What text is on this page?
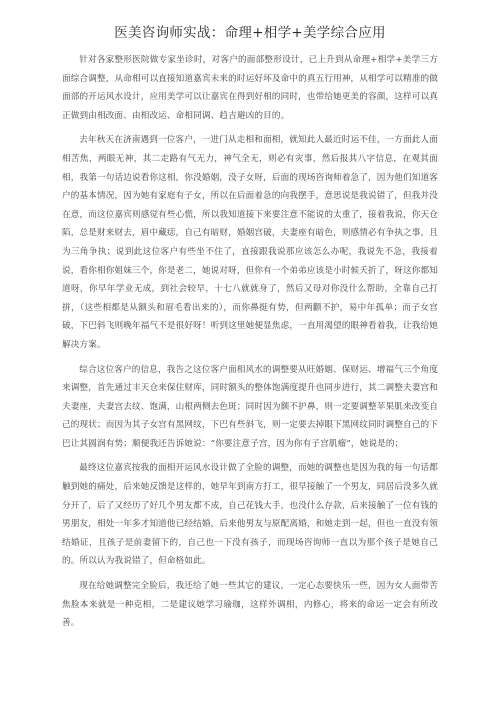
医美咨询师实战：命理+相学+美学综合应用

针对各家整形医院做专家坐诊时，对客户的面部整形设计，已上升到从命理+相学+美学三方面综合调整，从命相可以直接知道嘉宾未来的时运好坏及命中的真五行用神，从相学可以精准的做面部的开运风水设计，应用美学可以让嘉宾在得到好相的同时，也带给她更美的容颜，这样可以真正做到由相改面、由相改运、命相同调、趋吉避凶的目的。

去年秋天在济南遇到一位客户，一进门从走相和面相，就知此人最近时运不佳，一方面此人面相苦焦，两眼无神，其二走路有气无力，神气全无，则必有灾事，然后报其八字信息，在观其面相，我第一句话边说看你这相，你没婚姻，没子女呀，后面的现场咨询师着急了，因为他们知道客户的基本情况，因为她有家庭有子女，所以在后面着急的向我摆手，意思说是我说错了，但我并没在意，而这位嘉宾则感觉有些心慌，所以我知道接下来要注意不能说的太重了，接着我说，你天仓陷，总是财来财去，眉中藏痣，自己有暗财，婚姻宫破，夫妻座有暗色，则感情必有争执之事，且为三角争执；说到此这位客户有些坐不住了，直接跟我说那应该怎么办呢，我说先不急，我接着说，看你相你姐妹三个，你是老二，她说对呀，但你有一个弟弟应该是小时候夭折了，呀这你都知道呀，你早年学业无成，到社会较早，十七八就就身了，然后又母对你没什么帮助，全靠自己打拼，（这些相都是从额头和眉毛看出来的），而你鼻挺有势，但两颧不护，易中年孤单；而子女宫破，下巴斜飞则晚年福气不是很好呀！听到这里她便显焦虑，一直用渴望的眼神看着我，让我给她解决方案。

综合这位客户的信息，我告之这位客户面相风水的调整要从旺婚姻、保财运、增福气三个角度来调整，首先通过丰天仓来保住财库，同时额头的整体饱满度提升也同步进行，其二调整夫妻宫和夫妻座，夫妻宫去纹、饱满，山根两侧去色斑；同时因为额不护鼻，则一定要调整苹果肌来改变自己的现状；而因为其子女宫有黑网纹，下巴有些斜飞，则一定要去掉眼下黑网纹同时调整自己的下巴让其圆润有势；顺便我还告诉她说：“你要注意子宫，因为你有子宫肌瘤”，她说是的；

最终这位嘉宾按我的面相开运风水设计做了全脸的调整，而她的调整也是因为我的每一句话都触到她的痛处，后来她反馈是这样的，她早年到南方打工，很早接触了一个男友，同居后没多久就分开了，后了又经历了好几个男友都不成，自己花钱大手，也没什么存款，后来接触了一位有钱的男朋友，相处一年多才知道他已经结婚，后来他男友与原配离婚，和她走到一起，但也一直没有领结婚证，且孩子是前妻留下的，自己也一下没有孩子，而现场咨询师一直以为那个孩子是她自己的。所以认为我说错了，但命格如此。

现在给她调整完全脸后，我还给了她一些其它的建议，一定心态要快乐一些，因为女人面带苦焦脸本来就是一种克相，二是建议她学习瑜珈，这样外调相，内修心，将来的命运一定会有所改善。
